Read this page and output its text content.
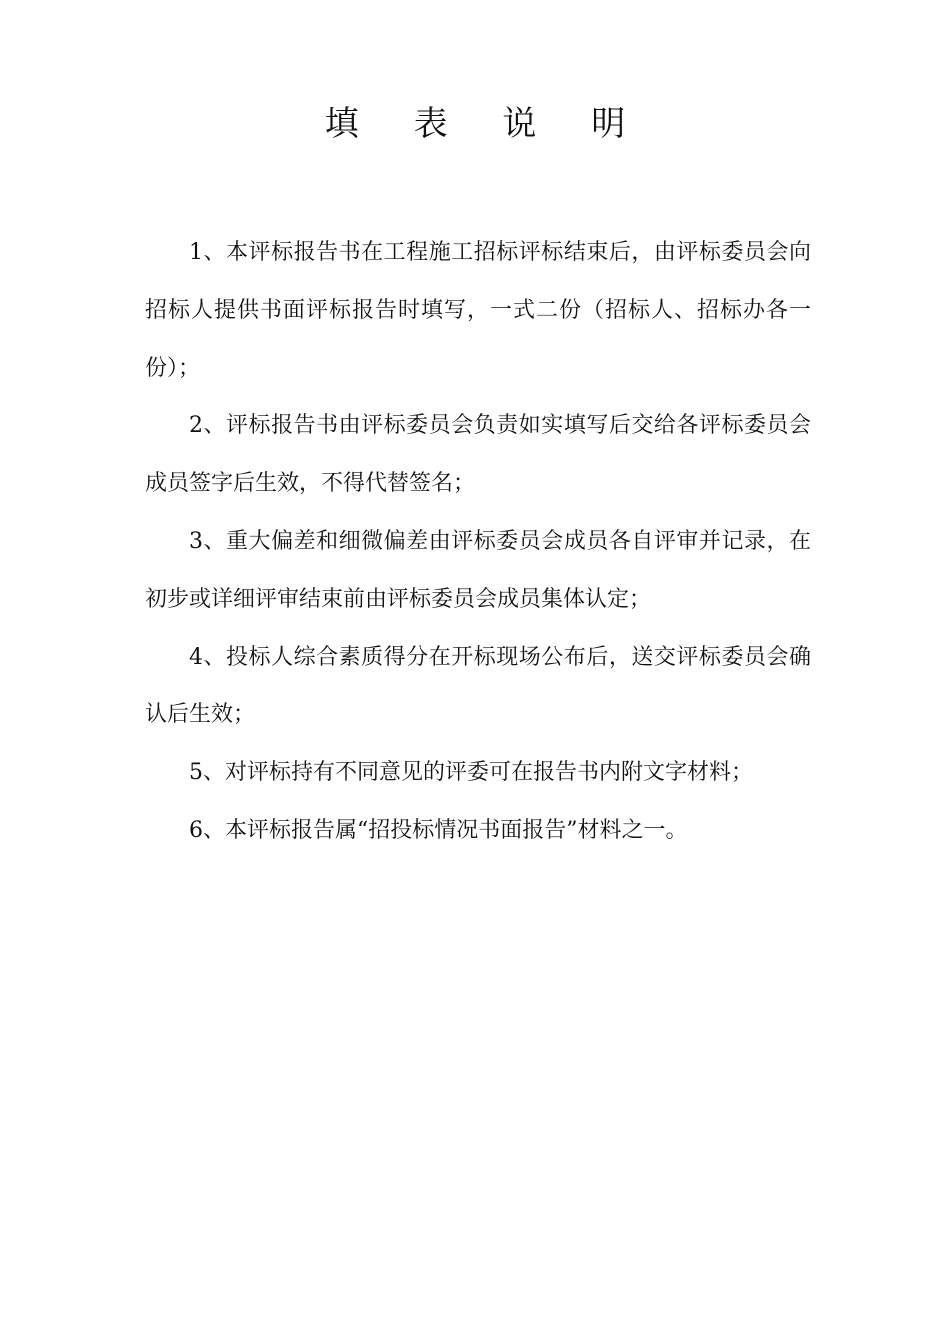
填 表 说 明

1、本评标报告书在工程施工招标评标结束后，由评标委员会向招标人提供书面评标报告时填写，一式二份（招标人、招标办各一份）；

2、评标报告书由评标委员会负责如实填写后交给各评标委员会成员签字后生效，不得代替签名；

3、重大偏差和细微偏差由评标委员会成员各自评审并记录，在初步或详细评审结束前由评标委员会成员集体认定；

4、投标人综合素质得分在开标现场公布后，送交评标委员会确认后生效；

5、对评标持有不同意见的评委可在报告书内附文字材料；

6、本评标报告属“招投标情况书面报告”材料之一。
